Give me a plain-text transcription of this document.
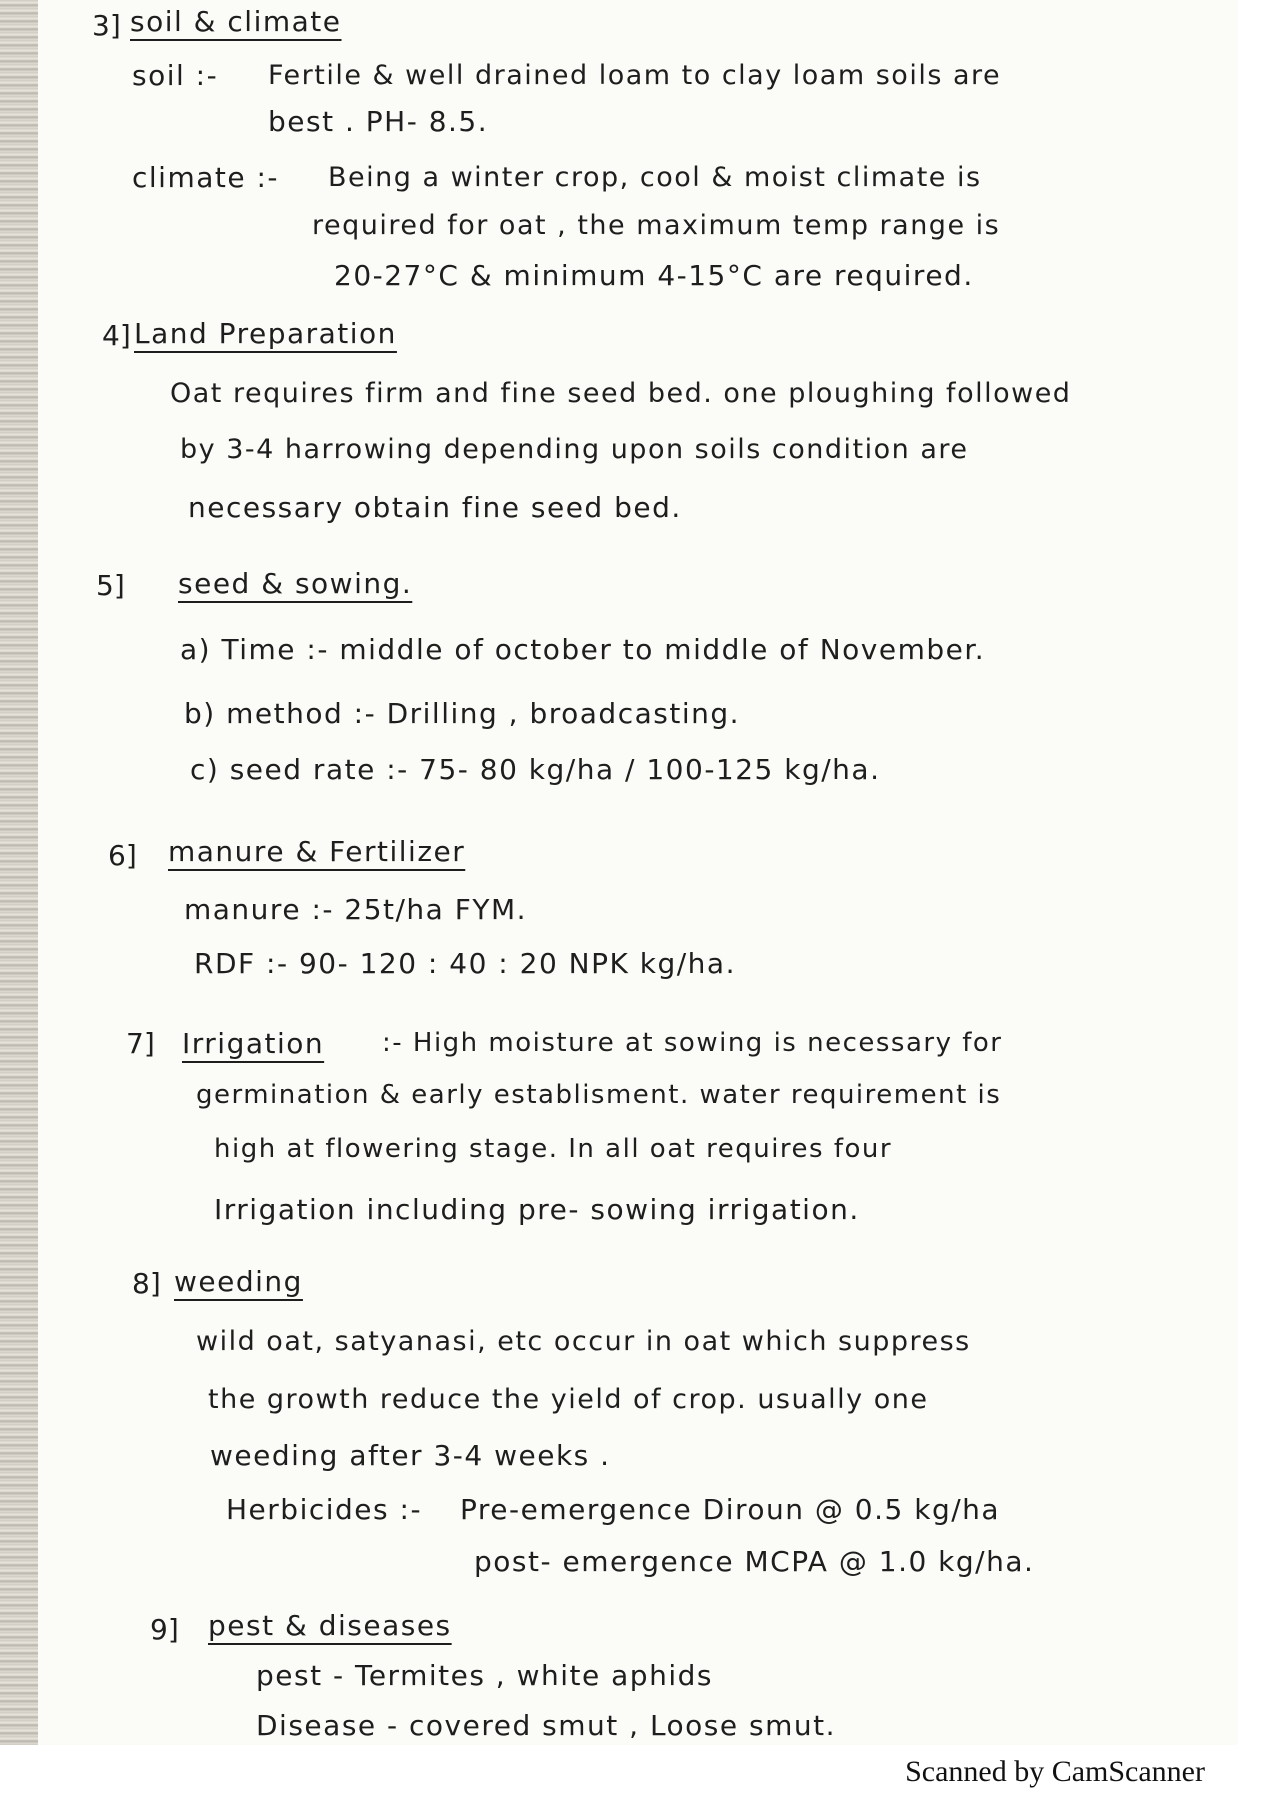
3] soil & climate
soil :- Fertile & well drained loam to clay loam soils are
best . PH- 8.5.
climate :- Being a winter crop, cool & moist climate is
required for oat , the maximum temp range is
20-27°C & minimum 4-15°C are required.
4] Land Preparation
Oat requires firm and fine seed bed. one ploughing followed
by 3-4 harrowing depending upon soils condition are
necessary obtain fine seed bed.
5] seed & sowing.
a) Time :- middle of october to middle of November.
b) method :- Drilling , broadcasting.
c) seed rate :- 75- 80 kg/ha / 100-125 kg/ha.
6] manure & Fertilizer
manure :- 25t/ha FYM.
RDF :- 90- 120 : 40 : 20 NPK kg/ha.
7] Irrigation :- High moisture at sowing is necessary for
germination & early establisment. water requirement is
high at flowering stage. In all oat requires four
Irrigation including pre- sowing irrigation.
8] weeding
wild oat, satyanasi, etc occur in oat which suppress
the growth reduce the yield of crop. usually one
weeding after 3-4 weeks .
Herbicides :- Pre-emergence Diroun @ 0.5 kg/ha
post- emergence MCPA @ 1.0 kg/ha.
9] pest & diseases
pest - Termites , white aphids
Disease - covered smut , Loose smut.
Scanned by CamScanner
